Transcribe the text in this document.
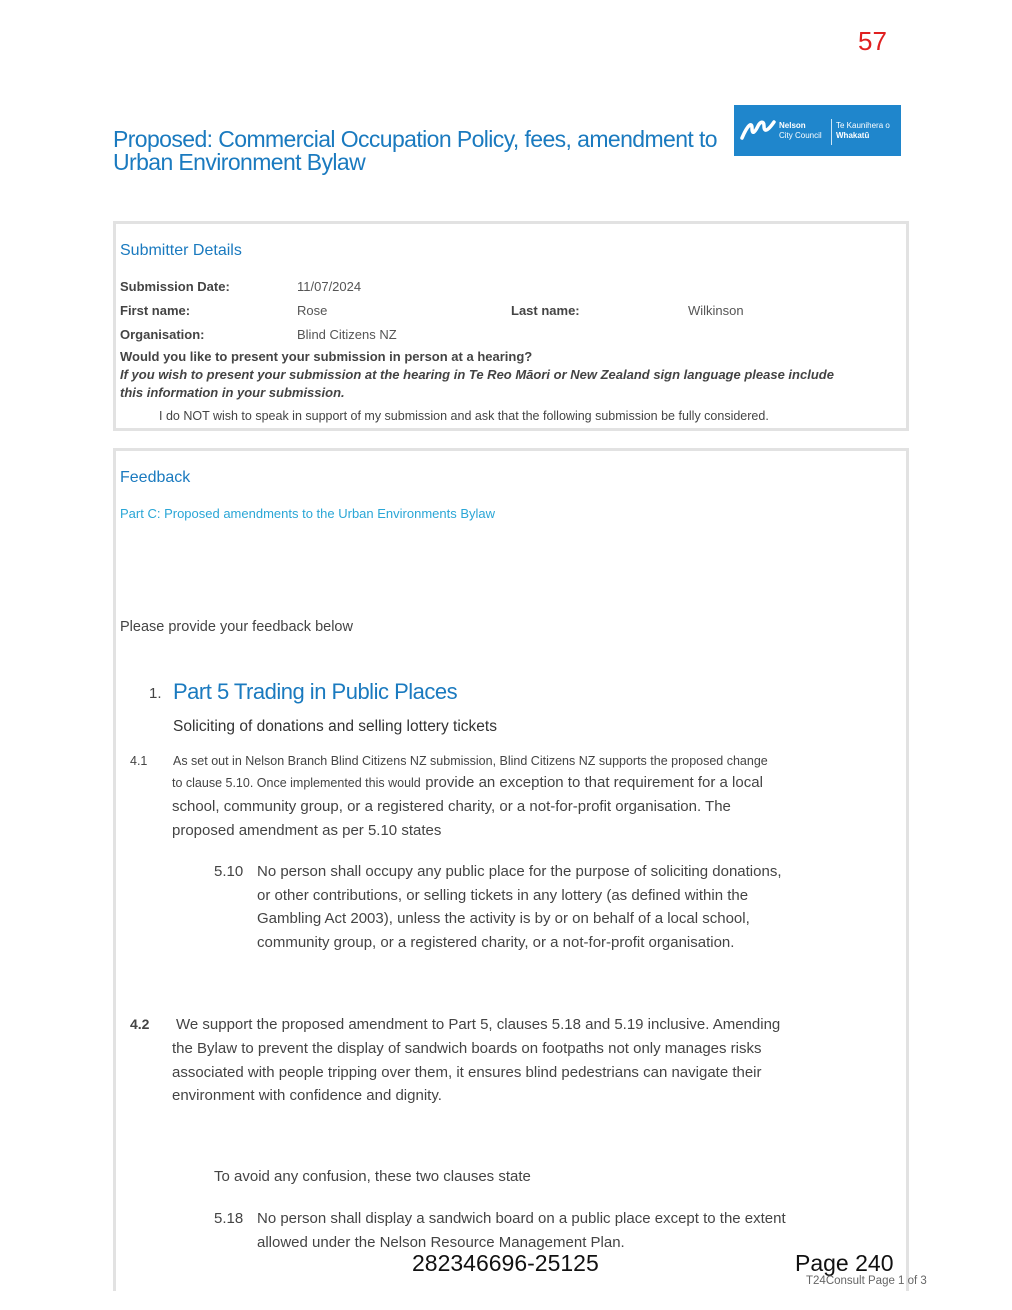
57
Proposed: Commercial Occupation Policy, fees, amendment to
Urban Environment Bylaw
Nelson
City Council
Te Kaunihera o
Whakatū
Submitter Details
Submission Date:	11/07/2024
First name:	Rose	Last name:	Wilkinson
Organisation:	Blind Citizens NZ
Would you like to present your submission in person at a hearing?
If you wish to present your submission at the hearing in Te Reo Māori or New Zealand sign language please include
this information in your submission.
I do NOT wish to speak in support of my submission and ask that the following submission be fully considered.
Feedback
Part C: Proposed amendments to the Urban Environments Bylaw
Please provide your feedback below
1. Part 5 Trading in Public Places
Soliciting of donations and selling lottery tickets
4.1 As set out in Nelson Branch Blind Citizens NZ submission, Blind Citizens NZ supports the proposed change
to clause 5.10. Once implemented this would provide an exception to that requirement for a local
school, community group, or a registered charity, or a not-for-profit organisation. The
proposed amendment as per 5.10 states
5.10 No person shall occupy any public place for the purpose of soliciting donations,
or other contributions, or selling tickets in any lottery (as defined within the
Gambling Act 2003), unless the activity is by or on behalf of a local school,
community group, or a registered charity, or a not-for-profit organisation.
4.2 We support the proposed amendment to Part 5, clauses 5.18 and 5.19 inclusive. Amending
the Bylaw to prevent the display of sandwich boards on footpaths not only manages risks
associated with people tripping over them, it ensures blind pedestrians can navigate their
environment with confidence and dignity.
To avoid any confusion, these two clauses state
5.18 No person shall display a sandwich board on a public place except to the extent
allowed under the Nelson Resource Management Plan.
282346696-25125	Page 240
T24Consult Page 1 of 3
